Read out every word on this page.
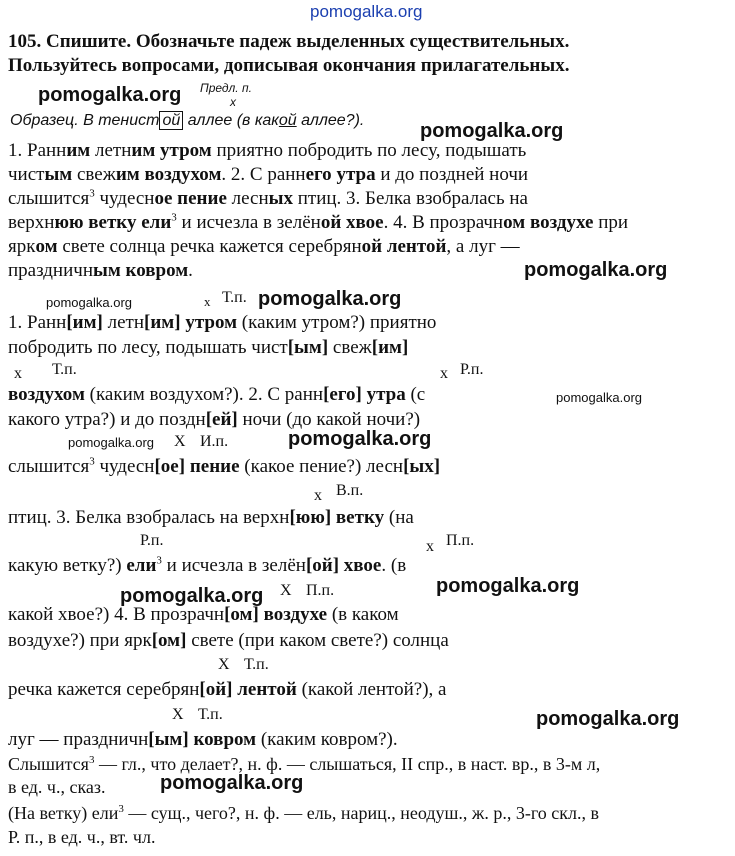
pomogalka.org
pomogalka.org
pomogalka.org
pomogalka.org
pomogalka.org	pomogalka.org
pomogalka.org
pomogalka.org	pomogalka.org
pomogalka.org
pomogalka.org
pomogalka.org
pomogalka.org
105. Спишите. Обозначьте падеж выделенных существительных.
Пользуйтесь вопросами, дописывая окончания прилагательных.
Предл. п.
х
Образец. В тенист ой аллее (в какой аллее?).
1. Ранним летним утром приятно побродить по лесу, подышать
чистым свежим воздухом. 2. С раннего утра и до поздней ночи
слышится$^3$ чудесное пение лесных птиц. 3. Белка взобралась на
верхнюю ветку ели$^3$ и исчезла в зелёной хвое. 4. В прозрачном воздухе при
ярком свете солнца речка кажется серебряной лентой, а луг —
праздничным ковром.
х Т.п.
1. Ранн[им] летн[им] утром (каким утром?) приятно
побродить по лесу, подышать чист[ым] свеж[им]
х Т.п.	х Р.п.
воздухом (каким воздухом?). 2. С ранн[его] утра (с
какого утра?) и до поздн[ей] ночи (до какой ночи?)
Х И.п.
слышится$^3$ чудесн[ое] пение (какое пение?) лесн[ых]
х В.п.
птиц. 3. Белка взобралась на верхн[юю] ветку (на
Р.п.	х П.п.
какую ветку?) ели$^3$ и исчезла в зелён[ой] хвое. (в
Х П.п.
какой хвое?) 4. В прозрачн[ом] воздухе (в каком
воздухе?) при ярк[ом] свете (при каком свете?) солнца
Х Т.п.
речка кажется серебрян[ой] лентой (какой лентой?), а
Х Т.п.
луг — праздничн[ым] ковром (каким ковром?).
Слышится$^3$ — гл., что делает?, н. ф. — слышаться, II спр., в наст. вр., в 3-м л,
в ед. ч., сказ.
(На ветку) ели$^3$ — сущ., чего?, н. ф. — ель, нариц., неодуш., ж. р., 3-го скл., в
Р. п., в ед. ч., вт. чл.
